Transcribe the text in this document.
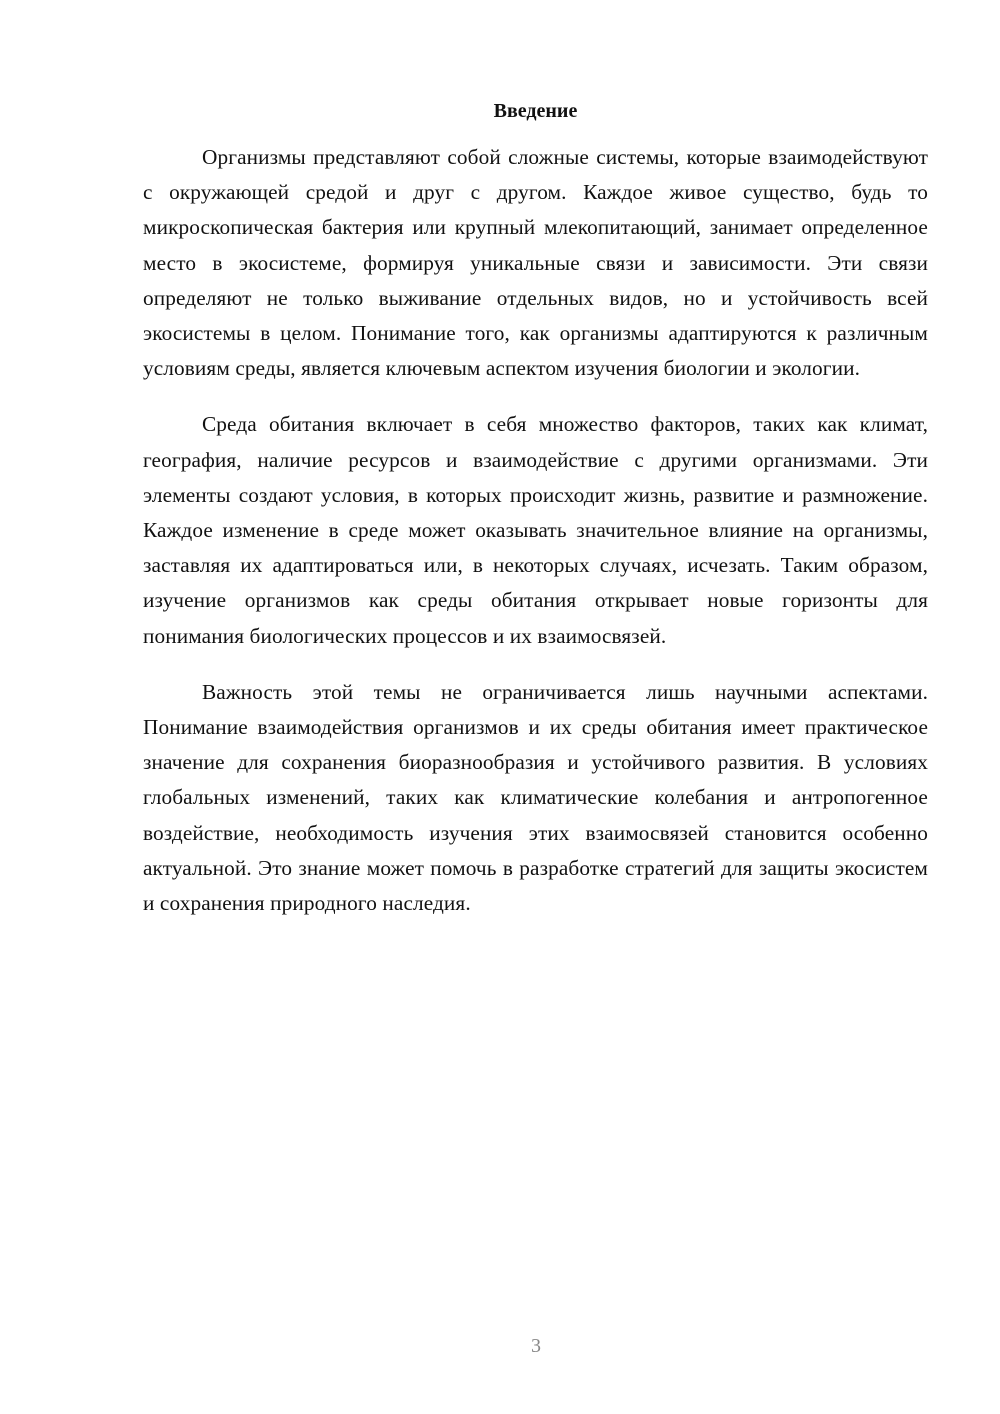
Введение

Организмы представляют собой сложные системы, которые взаимодействуют с окружающей средой и друг с другом. Каждое живое существо, будь то микроскопическая бактерия или крупный млекопитающий, занимает определенное место в экосистеме, формируя уникальные связи и зависимости. Эти связи определяют не только выживание отдельных видов, но и устойчивость всей экосистемы в целом. Понимание того, как организмы адаптируются к различным условиям среды, является ключевым аспектом изучения биологии и экологии.

Среда обитания включает в себя множество факторов, таких как климат, география, наличие ресурсов и взаимодействие с другими организмами. Эти элементы создают условия, в которых происходит жизнь, развитие и размножение. Каждое изменение в среде может оказывать значительное влияние на организмы, заставляя их адаптироваться или, в некоторых случаях, исчезать. Таким образом, изучение организмов как среды обитания открывает новые горизонты для понимания биологических процессов и их взаимосвязей.

Важность этой темы не ограничивается лишь научными аспектами. Понимание взаимодействия организмов и их среды обитания имеет практическое значение для сохранения биоразнообразия и устойчивого развития. В условиях глобальных изменений, таких как климатические колебания и антропогенное воздействие, необходимость изучения этих взаимосвязей становится особенно актуальной. Это знание может помочь в разработке стратегий для защиты экосистем и сохранения природного наследия.

3
